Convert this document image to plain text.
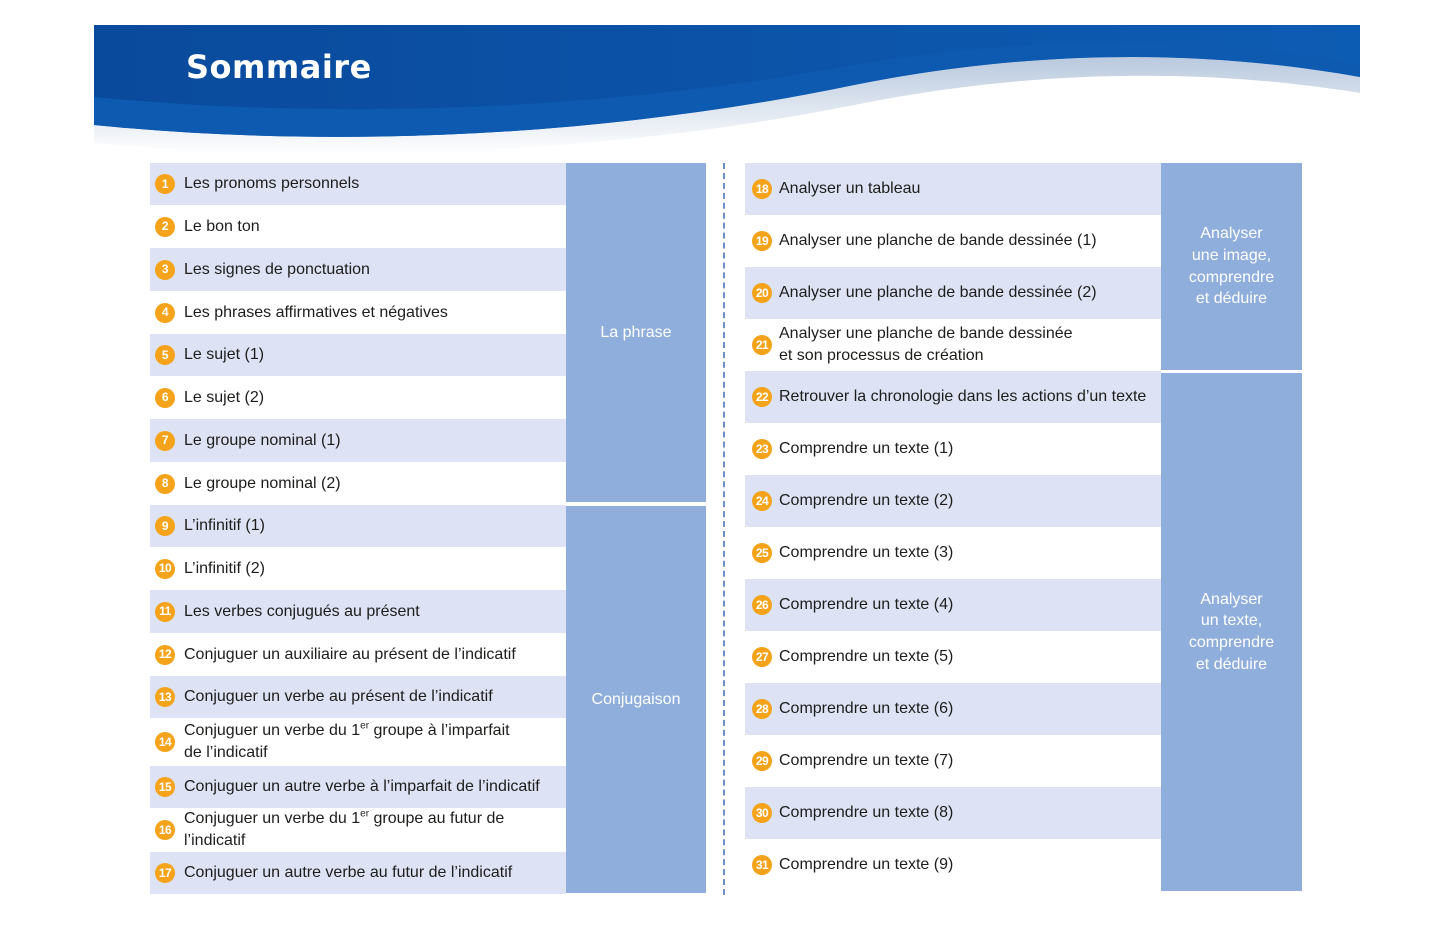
Sommaire
1 Les pronoms personnels
2 Le bon ton
3 Les signes de ponctuation
4 Les phrases affirmatives et négatives
5 Le sujet (1)
6 Le sujet (2)
7 Le groupe nominal (1)
8 Le groupe nominal (2)
9 L’infinitif (1)
10 L’infinitif (2)
11 Les verbes conjugués au présent
12 Conjuguer un auxiliaire au présent de l’indicatif
13 Conjuguer un verbe au présent de l’indicatif
14
Conjuguer un verbe du 1er groupe à l’imparfait
de l’indicatif
15 Conjuguer un autre verbe à l’imparfait de l’indicatif
16
Conjuguer un verbe du 1er groupe au futur de l’indicatif
17 Conjuguer un autre verbe au futur de l’indicatif
La phrase
Conjugaison
18 Analyser un tableau
19 Analyser une planche de bande dessinée (1)
20 Analyser une planche de bande dessinée (2)
21
Analyser une planche de bande dessinée
et son processus de création
22 Retrouver la chronologie dans les actions d’un texte
23 Comprendre un texte (1)
24 Comprendre un texte (2)
25 Comprendre un texte (3)
26 Comprendre un texte (4)
27 Comprendre un texte (5)
28 Comprendre un texte (6)
29 Comprendre un texte (7)
30 Comprendre un texte (8)
31 Comprendre un texte (9)
Analyser
une image,
comprendre
et déduire
Analyser
un texte,
comprendre
et déduire
